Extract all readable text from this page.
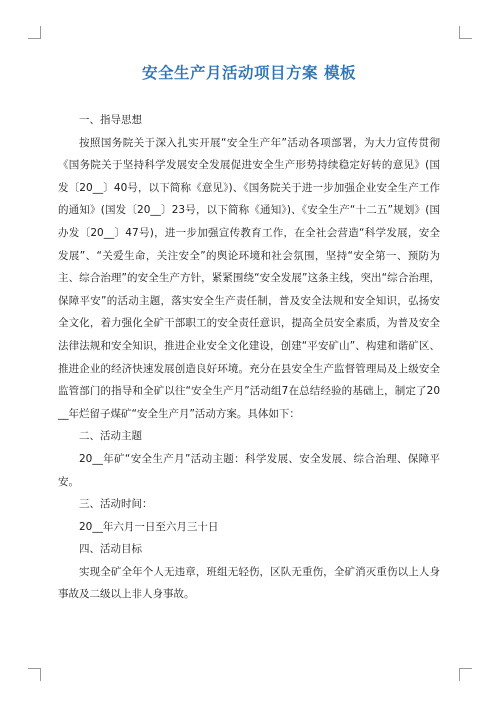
安全生产月活动项目方案 模板

一、指导思想

按照国务院关于深入扎实开展“安全生产年”活动各项部署，为大力宣传贯彻《国务院关于坚持科学发展安全发展促进安全生产形势持续稳定好转的意见》(国发〔20__〕40号，以下简称《意见》)、《国务院关于进一步加强企业安全生产工作的通知》(国发〔20__〕23号，以下简称《通知》)、《安全生产“十二五”规划》(国办发〔20__〕47号)，进一步加强宣传教育工作，在全社会营造“科学发展，安全发展”、“关爱生命，关注安全”的舆论环境和社会氛围，坚持“安全第一、预防为主、综合治理”的安全生产方针，紧紧围绕“安全发展”这条主线，突出“综合治理，保障平安”的活动主题，落实安全生产责任制，普及安全法规和安全知识，弘扬安全文化，着力强化全矿干部职工的安全责任意识，提高全员安全素质，为普及安全法律法规和安全知识，推进企业安全文化建设，创建“平安矿山”、构建和谐矿区、推进企业的经济快速发展创造良好环境。充分在县安全生产监督管理局及上级安全监管部门的指导和全矿以往“安全生产月”活动组7在总结经验的基础上，制定了20__年烂留子煤矿“安全生产月”活动方案。具体如下：

二、活动主题

20__年矿“安全生产月”活动主题：科学发展、安全发展、综合治理、保障平安。

三、活动时间：

20__年六月一日至六月三十日

四、活动目标

实现全矿全年个人无违章，班组无轻伤，区队无重伤，全矿消灭重伤以上人身事故及二级以上非人身事故。
